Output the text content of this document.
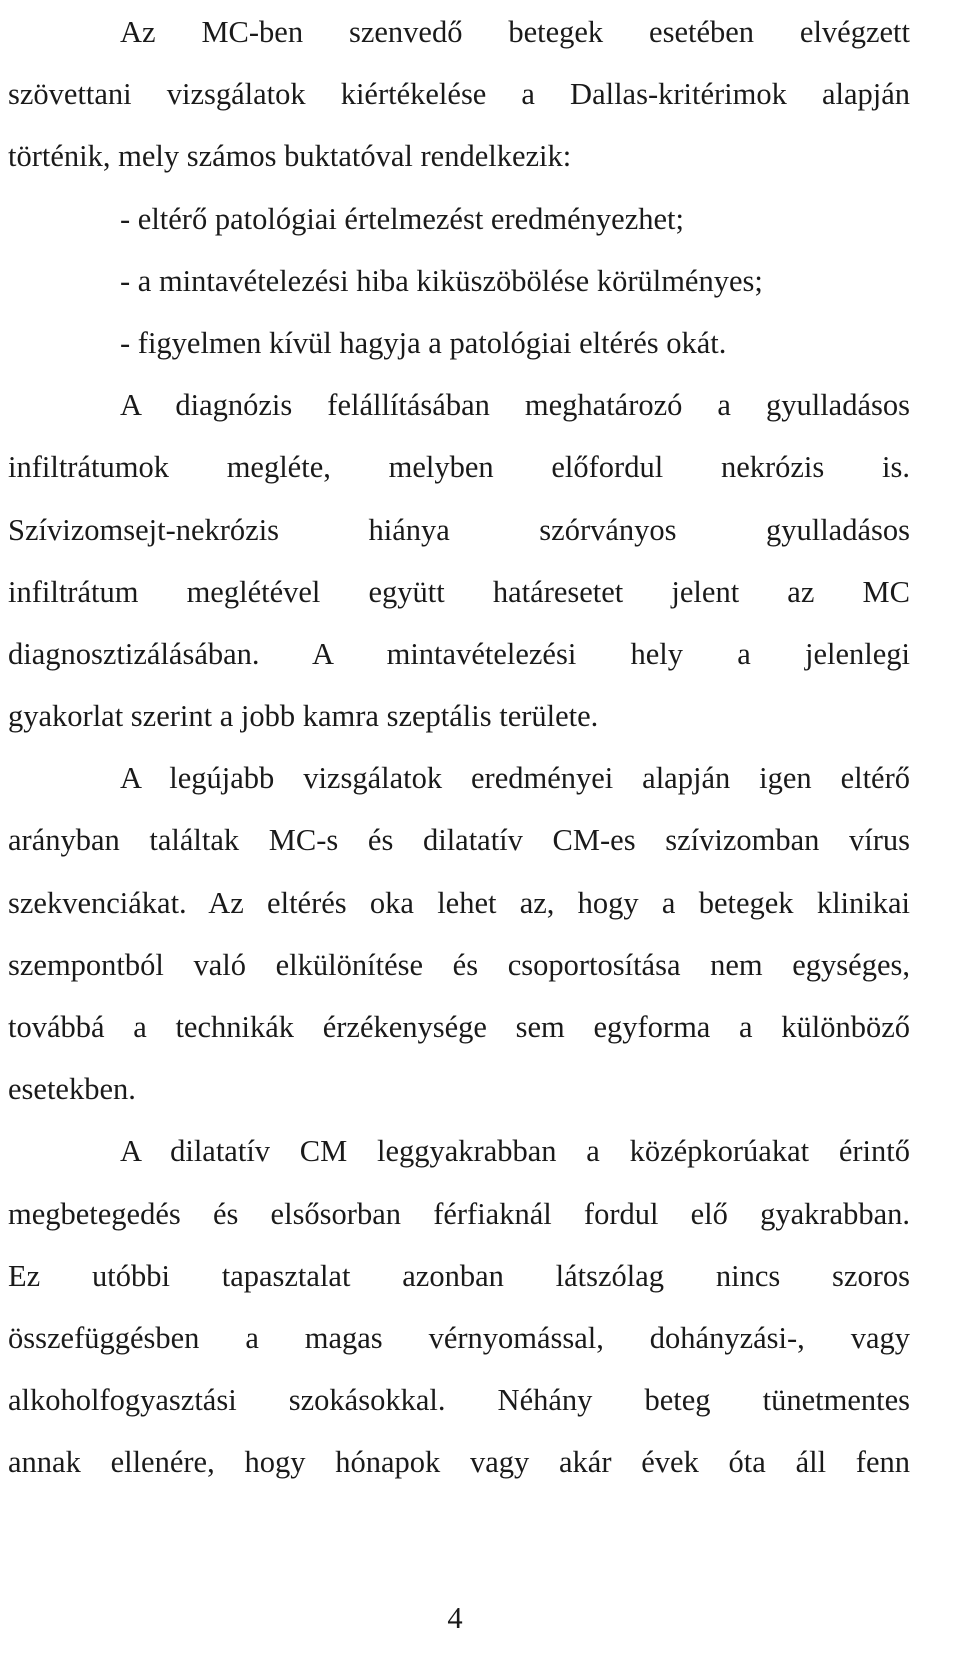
Az MC-ben szenvedő betegek esetében elvégzett
szövettani vizsgálatok kiértékelése a Dallas-kritérimok alapján
történik, mely számos buktatóval rendelkezik:
- eltérő patológiai értelmezést eredményezhet;
- a mintavételezési hiba kiküszöbölése körülményes;
- figyelmen kívül hagyja a patológiai eltérés okát.
A diagnózis felállításában meghatározó a gyulladásos
infiltrátumok megléte, melyben előfordul nekrózis is.
Szívizomsejt-nekrózis hiánya szórványos gyulladásos
infiltrátum meglétével együtt határesetet jelent az MC
diagnosztizálásában. A mintavételezési hely a jelenlegi
gyakorlat szerint a jobb kamra szeptális területe.
A legújabb vizsgálatok eredményei alapján igen eltérő
arányban találtak MC-s és dilatatív CM-es szívizomban vírus
szekvenciákat. Az eltérés oka lehet az, hogy a betegek klinikai
szempontból való elkülönítése és csoportosítása nem egységes,
továbbá a technikák érzékenysége sem egyforma a különböző
esetekben.
A dilatatív CM leggyakrabban a középkorúakat érintő
megbetegedés és elsősorban férfiaknál fordul elő gyakrabban.
Ez utóbbi tapasztalat azonban látszólag nincs szoros
összefüggésben a magas vérnyomással, dohányzási-, vagy
alkoholfogyasztási szokásokkal. Néhány beteg tünetmentes
annak ellenére, hogy hónapok vagy akár évek óta áll fenn
4
